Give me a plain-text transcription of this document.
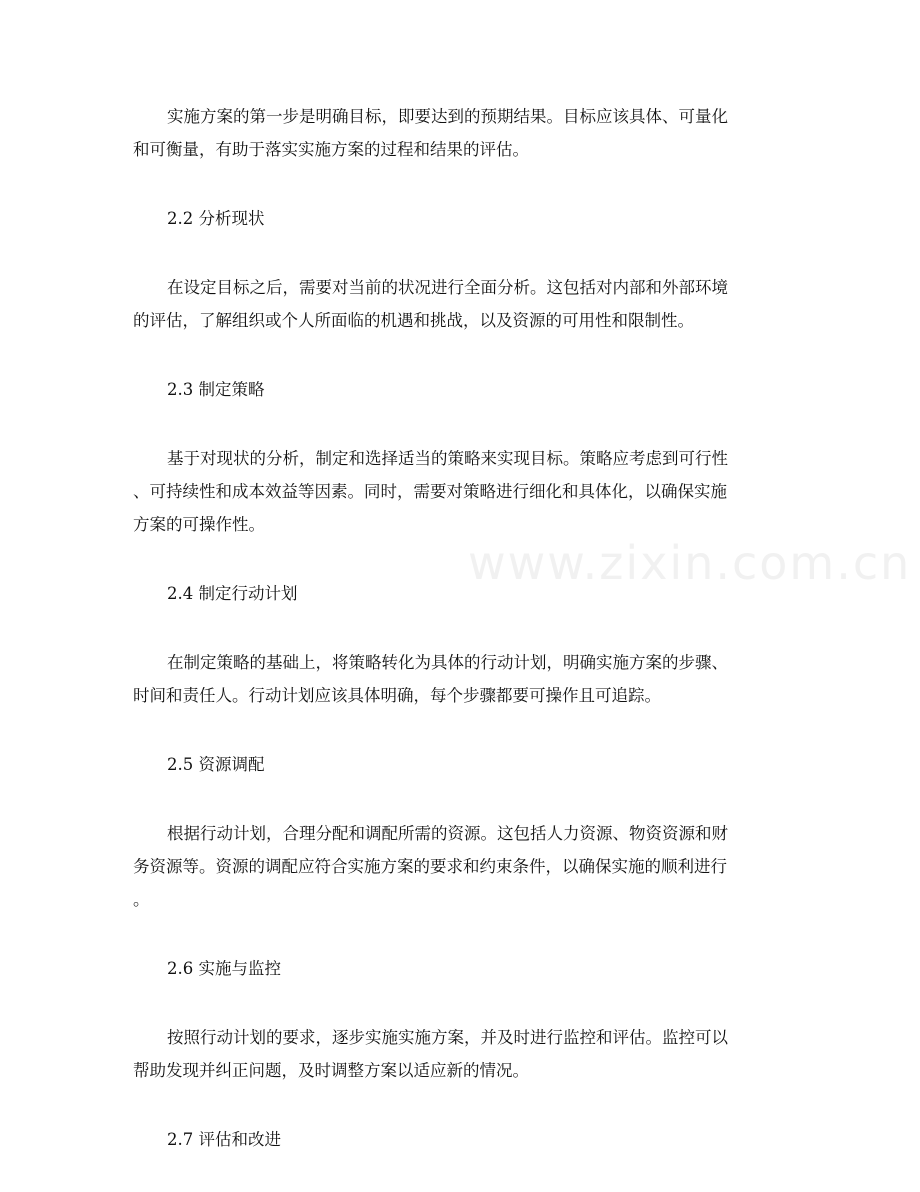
实施方案的第一步是明确目标，即要达到的预期结果。目标应该具体、可量化
和可衡量，有助于落实实施方案的过程和结果的评估。
2.2 分析现状
在设定目标之后，需要对当前的状况进行全面分析。这包括对内部和外部环境
的评估，了解组织或个人所面临的机遇和挑战，以及资源的可用性和限制性。
2.3 制定策略
基于对现状的分析，制定和选择适当的策略来实现目标。策略应考虑到可行性
、可持续性和成本效益等因素。同时，需要对策略进行细化和具体化，以确保实施
方案的可操作性。
2.4 制定行动计划
在制定策略的基础上，将策略转化为具体的行动计划，明确实施方案的步骤、
时间和责任人。行动计划应该具体明确，每个步骤都要可操作且可追踪。
2.5 资源调配
根据行动计划，合理分配和调配所需的资源。这包括人力资源、物资资源和财
务资源等。资源的调配应符合实施方案的要求和约束条件，以确保实施的顺利进行
。
2.6 实施与监控
按照行动计划的要求，逐步实施实施方案，并及时进行监控和评估。监控可以
帮助发现并纠正问题，及时调整方案以适应新的情况。
2.7 评估和改进
www.zixin.com.cn
